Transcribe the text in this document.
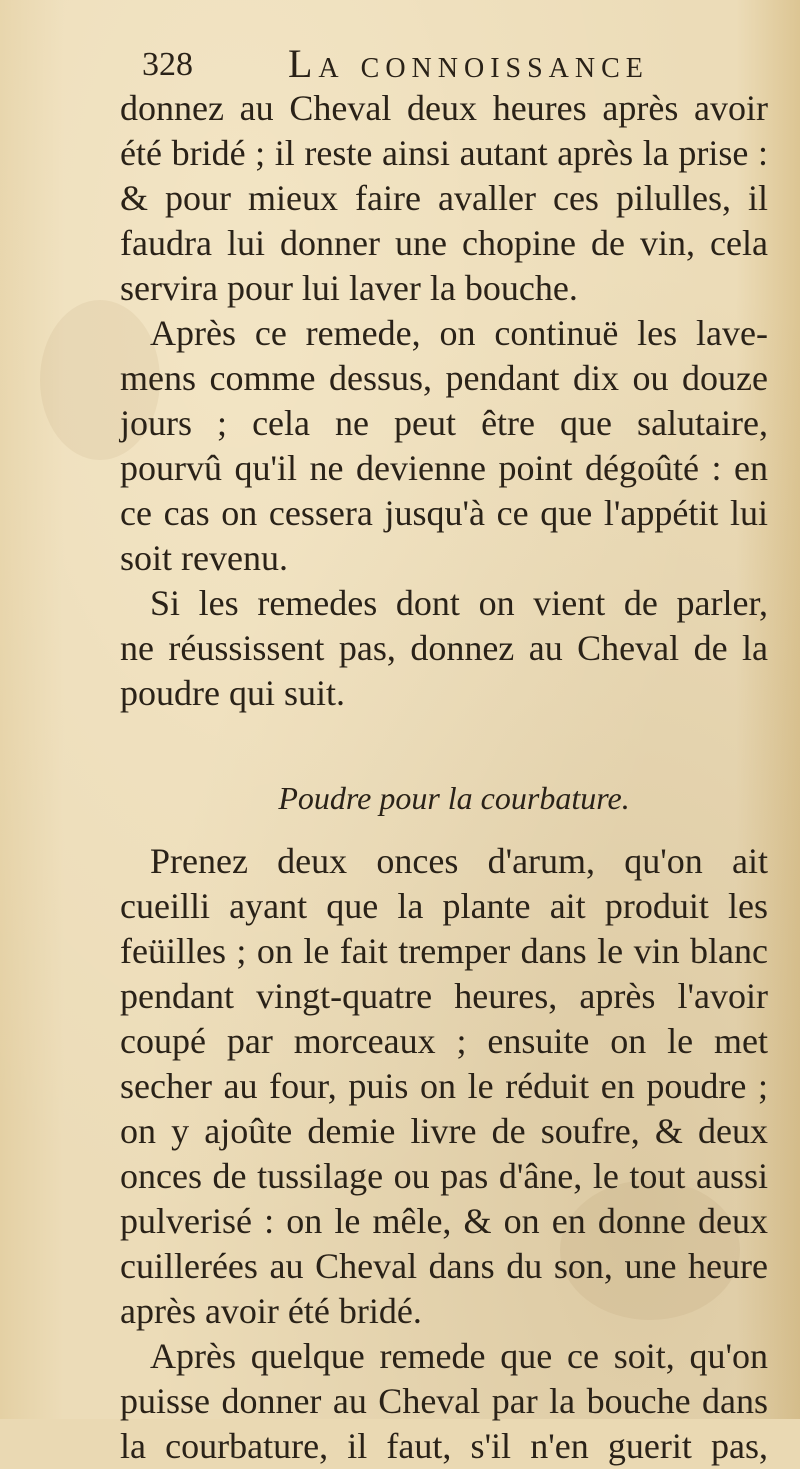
328 La connoissance
donnez au Cheval deux heures après avoir
été bridé ; il reste ainsi autant après la prise :
& pour mieux faire avaller ces pilulles, il
faudra lui donner une chopine de vin, cela
servira pour lui laver la bouche.
Après ce remede, on continuë les lave-
mens comme dessus, pendant dix ou douze
jours ; cela ne peut être que salutaire,
pourvû qu'il ne devienne point dégoûté : en
ce cas on cessera jusqu'à ce que l'appétit lui
soit revenu.
Si les remedes dont on vient de parler,
ne réussissent pas, donnez au Cheval de la
poudre qui suit.
Poudre pour la courbature.
Prenez deux onces d'arum, qu'on ait
cueilli ayant que la plante ait produit les
feüilles ; on le fait tremper dans le vin blanc
pendant vingt-quatre heures, après l'avoir
coupé par morceaux ; ensuite on le met
secher au four, puis on le réduit en poudre ;
on y ajoûte demie livre de soufre, & deux
onces de tussilage ou pas d'âne, le tout aussi
pulverisé : on le mêle, & on en donne deux
cuillerées au Cheval dans du son, une heure
après avoir été bridé.
Après quelque remede que ce soit, qu'on
puisse donner au Cheval par la bouche dans
la courbature, il faut, s'il n'en guerit pas,
